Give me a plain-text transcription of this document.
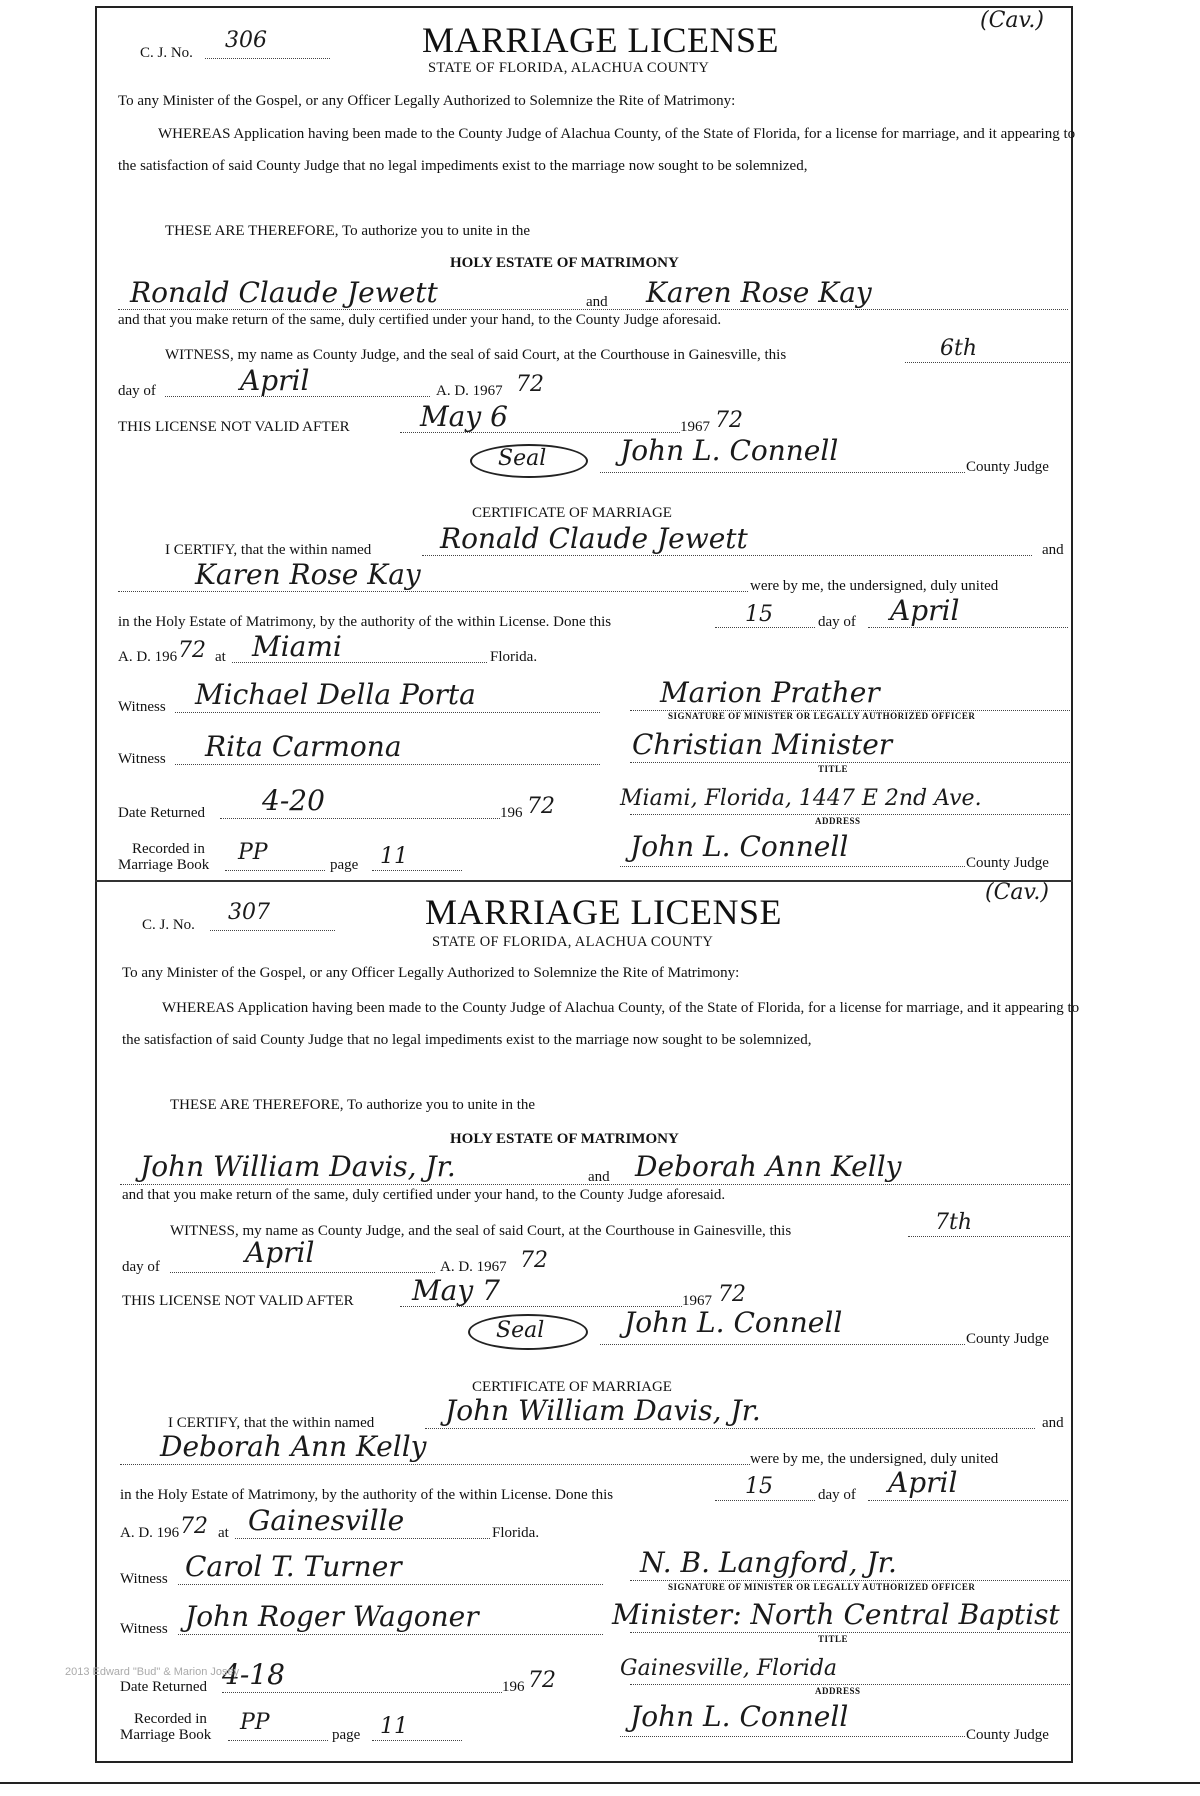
C. J. No. 306
(Cav.)
MARRIAGE LICENSE
STATE OF FLORIDA, ALACHUA COUNTY
To any Minister of the Gospel, or any Officer Legally Authorized to Solemnize the Rite of Matrimony:
WHEREAS Application having been made to the County Judge of Alachua County, of the State of Florida, for a license for marriage, and it appearing to the satisfaction of said County Judge that no legal impediments exist to the marriage now sought to be solemnized,
THESE ARE THEREFORE, To authorize you to unite in the
HOLY ESTATE OF MATRIMONY
Ronald Claude Jewett	and Karen Rose Kay
and that you make return of the same, duly certified under your hand, to the County Judge aforesaid.
WITNESS, my name as County Judge, and the seal of said Court, at the Courthouse in Gainesville, this	6th
day of	April	A. D. 1967 72
THIS LICENSE NOT VALID AFTER	May 6	1967 72
Seal	John L. Connell	County Judge
CERTIFICATE OF MARRIAGE
I CERTIFY, that the within named Ronald Claude Jewett	and
Karen Rose Kay	were by me, the undersigned, duly united
in the Holy Estate of Matrimony, by the authority of the within License. Done this	15	day of April
A. D. 196 72 at Miami	Florida.
Witness Michael Della Porta	Marion Prather
SIGNATURE OF MINISTER OR LEGALLY AUTHORIZED OFFICER
Witness Rita Carmona	Christian Minister
TITLE
Date Returned 4-20	196 72	Miami, Florida, 1447 E 2nd Ave.
ADDRESS
Recorded in
Marriage Book PP	page 11	John L. Connell	County Judge
C. J. No. 307
(Cav.)
MARRIAGE LICENSE
STATE OF FLORIDA, ALACHUA COUNTY
To any Minister of the Gospel, or any Officer Legally Authorized to Solemnize the Rite of Matrimony:
WHEREAS Application having been made to the County Judge of Alachua County, of the State of Florida, for a license for marriage, and it appearing to the satisfaction of said County Judge that no legal impediments exist to the marriage now sought to be solemnized,
THESE ARE THEREFORE, To authorize you to unite in the
HOLY ESTATE OF MATRIMONY
John William Davis, Jr.	and Deborah Ann Kelly
and that you make return of the same, duly certified under your hand, to the County Judge aforesaid.
WITNESS, my name as County Judge, and the seal of said Court, at the Courthouse in Gainesville, this	7th
day of	April	A. D. 1967 72
THIS LICENSE NOT VALID AFTER May 7	1967 72
Seal	John L. Connell	County Judge
CERTIFICATE OF MARRIAGE
I CERTIFY, that the within named	John William Davis, Jr.	and
Deborah Ann Kelly	were by me, the undersigned, duly united
in the Holy Estate of Matrimony, by the authority of the within License. Done this	15	day of April
A. D. 196 72 at Gainesville	Florida.
Witness Carol T. Turner	N. B. Langford, Jr.
SIGNATURE OF MINISTER OR LEGALLY AUTHORIZED OFFICER
Witness John Roger Wagoner	Minister: North Central Baptist
TITLE
Date Returned 4-18	196 72	Gainesville, Florida
ADDRESS
Recorded in
Marriage Book PP	page 11	John L. Connell
County Judge
2013 Edward "Bud" & Marion Josey
